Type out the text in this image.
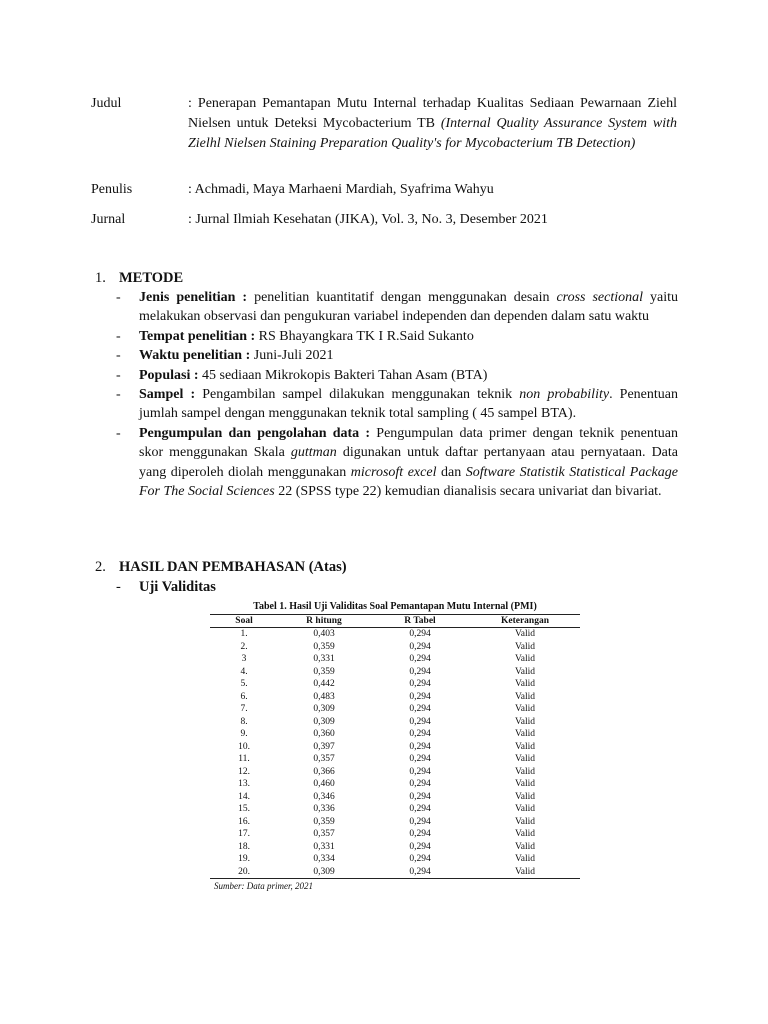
Judul	: Penerapan Pemantapan Mutu Internal terhadap Kualitas Sediaan Pewarnaan Ziehl Nielsen untuk Deteksi Mycobacterium TB (Internal Quality Assurance System with Zielhl Nielsen Staining Preparation Quality's for Mycobacterium TB Detection)
Penulis	: Achmadi, Maya Marhaeni Mardiah, Syafrima Wahyu
Jurnal	: Jurnal Ilmiah Kesehatan (JIKA), Vol. 3, No. 3, Desember 2021
1. METODE
- Jenis penelitian : penelitian kuantitatif dengan menggunakan desain cross sectional yaitu melakukan observasi dan pengukuran variabel independen dan dependen dalam satu waktu
- Tempat penelitian : RS Bhayangkara TK I R.Said Sukanto
- Waktu penelitian : Juni-Juli 2021
- Populasi : 45 sediaan Mikrokopis Bakteri Tahan Asam (BTA)
- Sampel : Pengambilan sampel dilakukan menggunakan teknik non probability. Penentuan jumlah sampel dengan menggunakan teknik total sampling ( 45 sampel BTA).
- Pengumpulan dan pengolahan data : Pengumpulan data primer dengan teknik penentuan skor menggunakan Skala guttman digunakan untuk daftar pertanyaan atau pernyataan. Data yang diperoleh diolah menggunakan microsoft excel dan Software Statistik Statistical Package For The Social Sciences 22 (SPSS type 22) kemudian dianalisis secara univariat dan bivariat.
2. HASIL DAN PEMBAHASAN (Atas)
- Uji Validitas
Tabel 1. Hasil Uji Validitas Soal Pemantapan Mutu Internal (PMI)
Soal	R hitung	R Tabel	Keterangan
1.	0,403	0,294	Valid
2.	0,359	0,294	Valid
3	0,331	0,294	Valid
4.	0,359	0,294	Valid
5.	0,442	0,294	Valid
6.	0,483	0,294	Valid
7.	0,309	0,294	Valid
8.	0,309	0,294	Valid
9.	0,360	0,294	Valid
10.	0,397	0,294	Valid
11.	0,357	0,294	Valid
12.	0,366	0,294	Valid
13.	0,460	0,294	Valid
14.	0,346	0,294	Valid
15.	0,336	0,294	Valid
16.	0,359	0,294	Valid
17.	0,357	0,294	Valid
18.	0,331	0,294	Valid
19.	0,334	0,294	Valid
20.	0,309	0,294	Valid
Sumber: Data primer, 2021
